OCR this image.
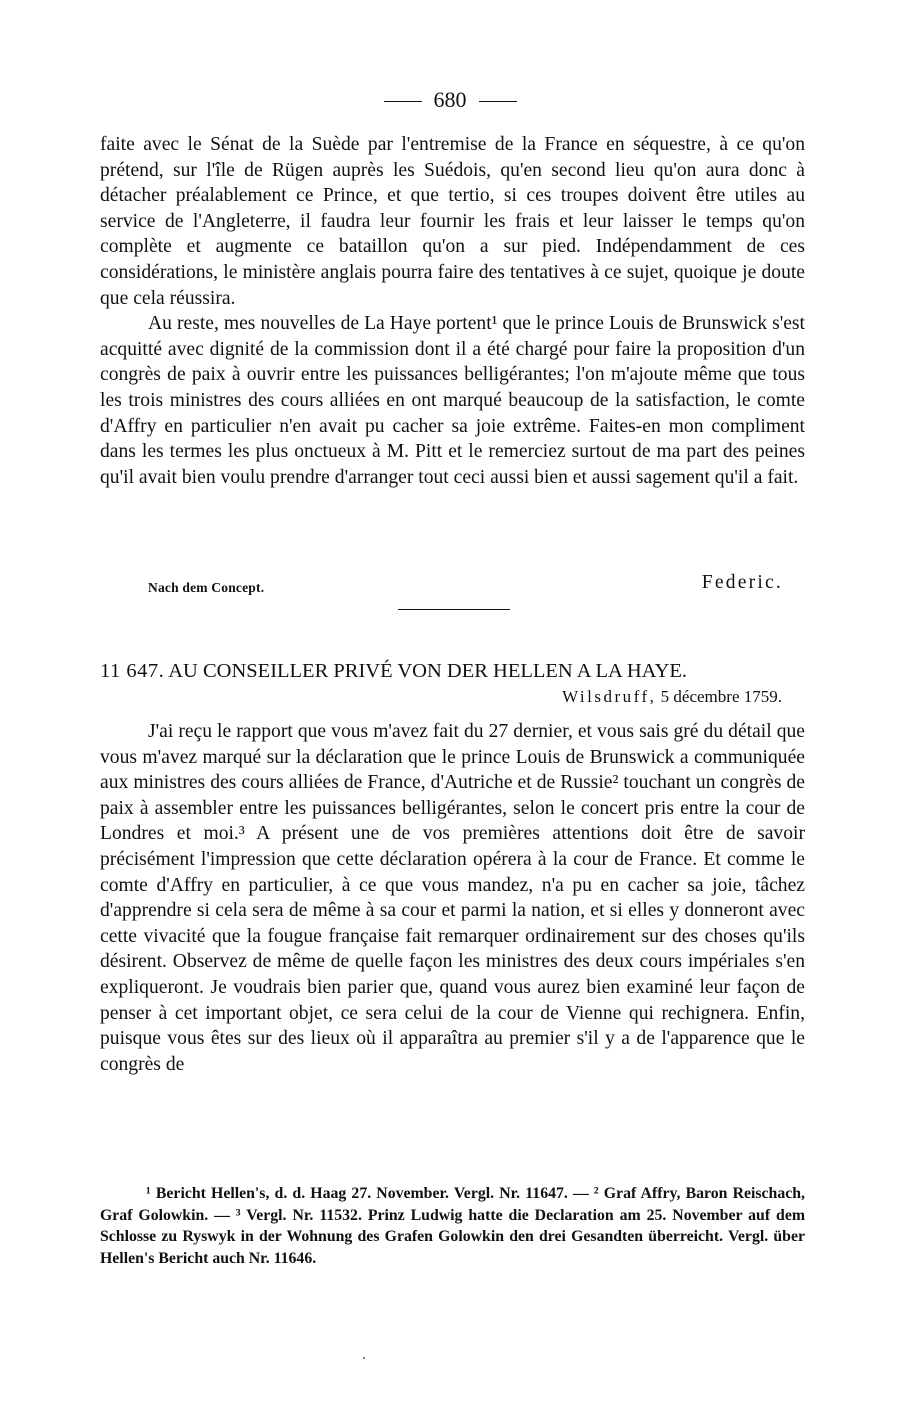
680

faite avec le Sénat de la Suède par l'entremise de la France en séquestre, à ce qu'on prétend, sur l'île de Rügen auprès les Suédois, qu'en second lieu qu'on aura donc à détacher préalablement ce Prince, et que tertio, si ces troupes doivent être utiles au service de l'Angleterre, il faudra leur fournir les frais et leur laisser le temps qu'on complète et augmente ce bataillon qu'on a sur pied. Indépendamment de ces considérations, le ministère anglais pourra faire des tentatives à ce sujet, quoique je doute que cela réussira.

Au reste, mes nouvelles de La Haye portent¹ que le prince Louis de Brunswick s'est acquitté avec dignité de la commission dont il a été chargé pour faire la proposition d'un congrès de paix à ouvrir entre les puissances belligérantes; l'on m'ajoute même que tous les trois ministres des cours alliées en ont marqué beaucoup de la satisfaction, le comte d'Affry en particulier n'en avait pu cacher sa joie extrême. Faites-en mon compliment dans les termes les plus onctueux à M. Pitt et le remerciez surtout de ma part des peines qu'il avait bien voulu prendre d'arranger tout ceci aussi bien et aussi sagement qu'il a fait.

Nach dem Concept.	Federic.
11 647. AU CONSEILLER PRIVÉ VON DER HELLEN A LA HAYE.
Wilsdruff, 5 décembre 1759.

J'ai reçu le rapport que vous m'avez fait du 27 dernier, et vous sais gré du détail que vous m'avez marqué sur la déclaration que le prince Louis de Brunswick a communiquée aux ministres des cours alliées de France, d'Autriche et de Russie² touchant un congrès de paix à assembler entre les puissances belligérantes, selon le concert pris entre la cour de Londres et moi.³ A présent une de vos premières attentions doit être de savoir précisément l'impression que cette déclaration opérera à la cour de France. Et comme le comte d'Affry en particulier, à ce que vous mandez, n'a pu en cacher sa joie, tâchez d'apprendre si cela sera de même à sa cour et parmi la nation, et si elles y donneront avec cette vivacité que la fougue française fait remarquer ordinairement sur des choses qu'ils désirent. Observez de même de quelle façon les ministres des deux cours impériales s'en expliqueront. Je voudrais bien parier que, quand vous aurez bien examiné leur façon de penser à cet important objet, ce sera celui de la cour de Vienne qui rechignera. Enfin, puisque vous êtes sur des lieux où il apparaîtra au premier s'il y a de l'apparence que le congrès de

¹ Bericht Hellen's, d. d. Haag 27. November. Vergl. Nr. 11647. — ² Graf Affry, Baron Reischach, Graf Golowkin. — ³ Vergl. Nr. 11532. Prinz Ludwig hatte die Declaration am 25. November auf dem Schlosse zu Ryswyk in der Wohnung des Grafen Golowkin den drei Gesandten überreicht. Vergl. über Hellen's Bericht auch Nr. 11646.
